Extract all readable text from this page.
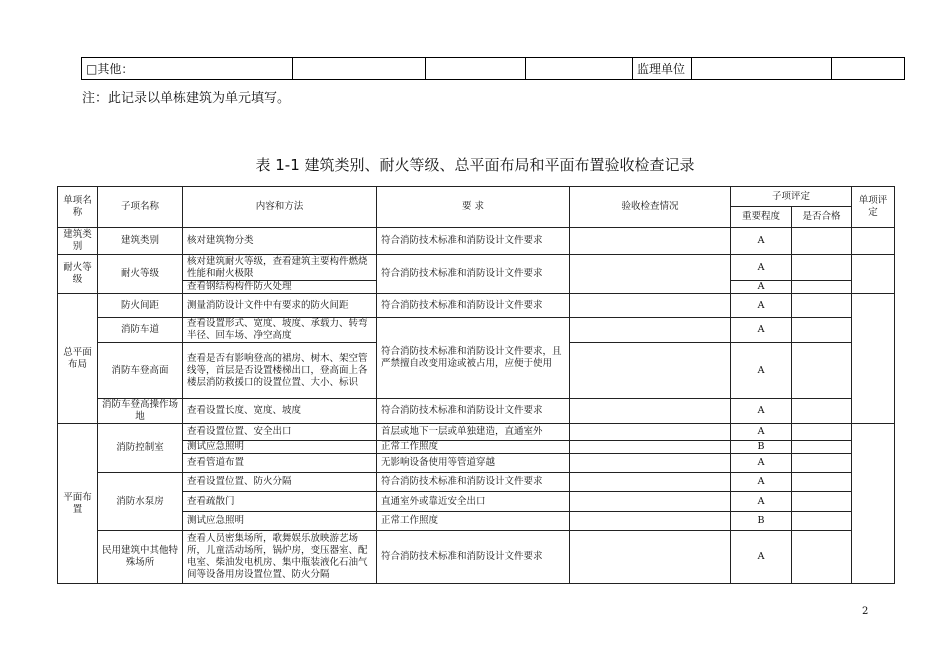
□其他：				监理单位		
注：此记录以单栋建筑为单元填写。
表 1-1 建筑类别、耐火等级、总平面布局和平面布置验收检查记录
单项名称	子项名称	内容和方法	要 求	验收检查情况	子项评定		单项评定
					重要程度	是否合格	
建筑类别	建筑类别	核对建筑物分类	符合消防技术标准和消防设计文件要求		A		
耐火等级	耐火等级	核对建筑耐火等级，查看建筑主要构件燃烧性能和耐火极限	符合消防技术标准和消防设计文件要求		A		
		查看钢结构构件防火处理			A		
总平面布局	防火间距	测量消防设计文件中有要求的防火间距	符合消防技术标准和消防设计文件要求		A		
	消防车道	查看设置形式、宽度、坡度、承载力、转弯半径、回车场、净空高度	符合消防技术标准和消防设计文件要求，且严禁擅自改变用途或被占用，应便于使用		A		
	消防车登高面	查看是否有影响登高的裙房、树木、架空管线等，首层是否设置楼梯出口，登高面上各楼层消防救援口的设置位置、大小、标识			A		
	消防车登高操作场地	查看设置长度、宽度、坡度	符合消防技术标准和消防设计文件要求		A		
平面布置	消防控制室	查看设置位置、安全出口	首层或地下一层或单独建造，直通室外		A		
		测试应急照明	正常工作照度		B		
		查看管道布置	无影响设备使用等管道穿越		A		
	消防水泵房	查看设置位置、防火分隔	符合消防技术标准和消防设计文件要求		A		
		查看疏散门	直通室外或靠近安全出口		A		
		测试应急照明	正常工作照度		B		
	民用建筑中其他特殊场所	查看人员密集场所，歌舞娱乐放映游艺场所，儿童活动场所，锅炉房，变压器室、配电室、柴油发电机房、集中瓶装液化石油气间等设备用房设置位置、防火分隔	符合消防技术标准和消防设计文件要求		A		
2
